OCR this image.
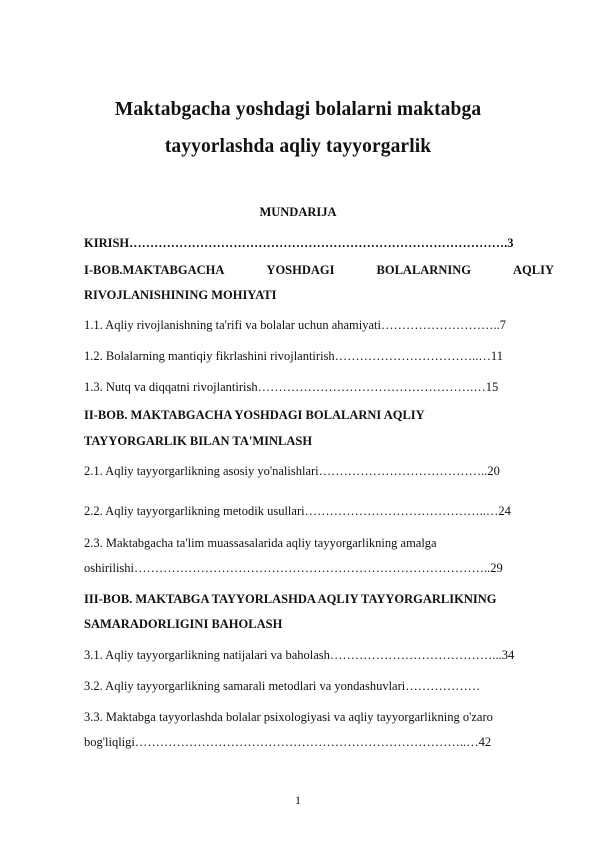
Maktabgacha yoshdagi bolalarni maktabga
tayyorlashda aqliy tayyorgarlik
MUNDARIJA
KIRISH……………………………………………………………………………….3
I-BOB.MAKTABGACHA	YOSHDAGI	BOLALARNING	AQLIY
RIVOJLANISHINING MOHIYATI
1.1. Aqliy rivojlanishning ta'rifi va bolalar uchun ahamiyati………………………..7
1.2. Bolalarning mantiqiy fikrlashini rivojlantirish……………………………..…11
1.3. Nutq va diqqatni rivojlantirish…………………………………………….…15
II-BOB. MAKTABGACHA YOSHDAGI BOLALARNI AQLIY
TAYYORGARLIK BILAN TA'MINLASH
2.1. Aqliy tayyorgarlikning asosiy yo'nalishlari…………………………………..20
2.2. Aqliy tayyorgarlikning metodik usullari……………………………………..…24
2.3. Maktabgacha ta'lim muassasalarida aqliy tayyorgarlikning amalga
oshirilishi…………………………………………………………………………..29
III-BOB. MAKTABGA TAYYORLASHDA AQLIY TAYYORGARLIKNING
SAMARADORLIGINI BAHOLASH
3.1. Aqliy tayyorgarlikning natijalari va baholash…………………………………...34
3.2. Aqliy tayyorgarlikning samarali metodlari va yondashuvlari………………
3.3. Maktabga tayyorlashda bolalar psixologiyasi va aqliy tayyorgarlikning o'zaro
bog'liqligi……………………………………………………………………..…42
1
